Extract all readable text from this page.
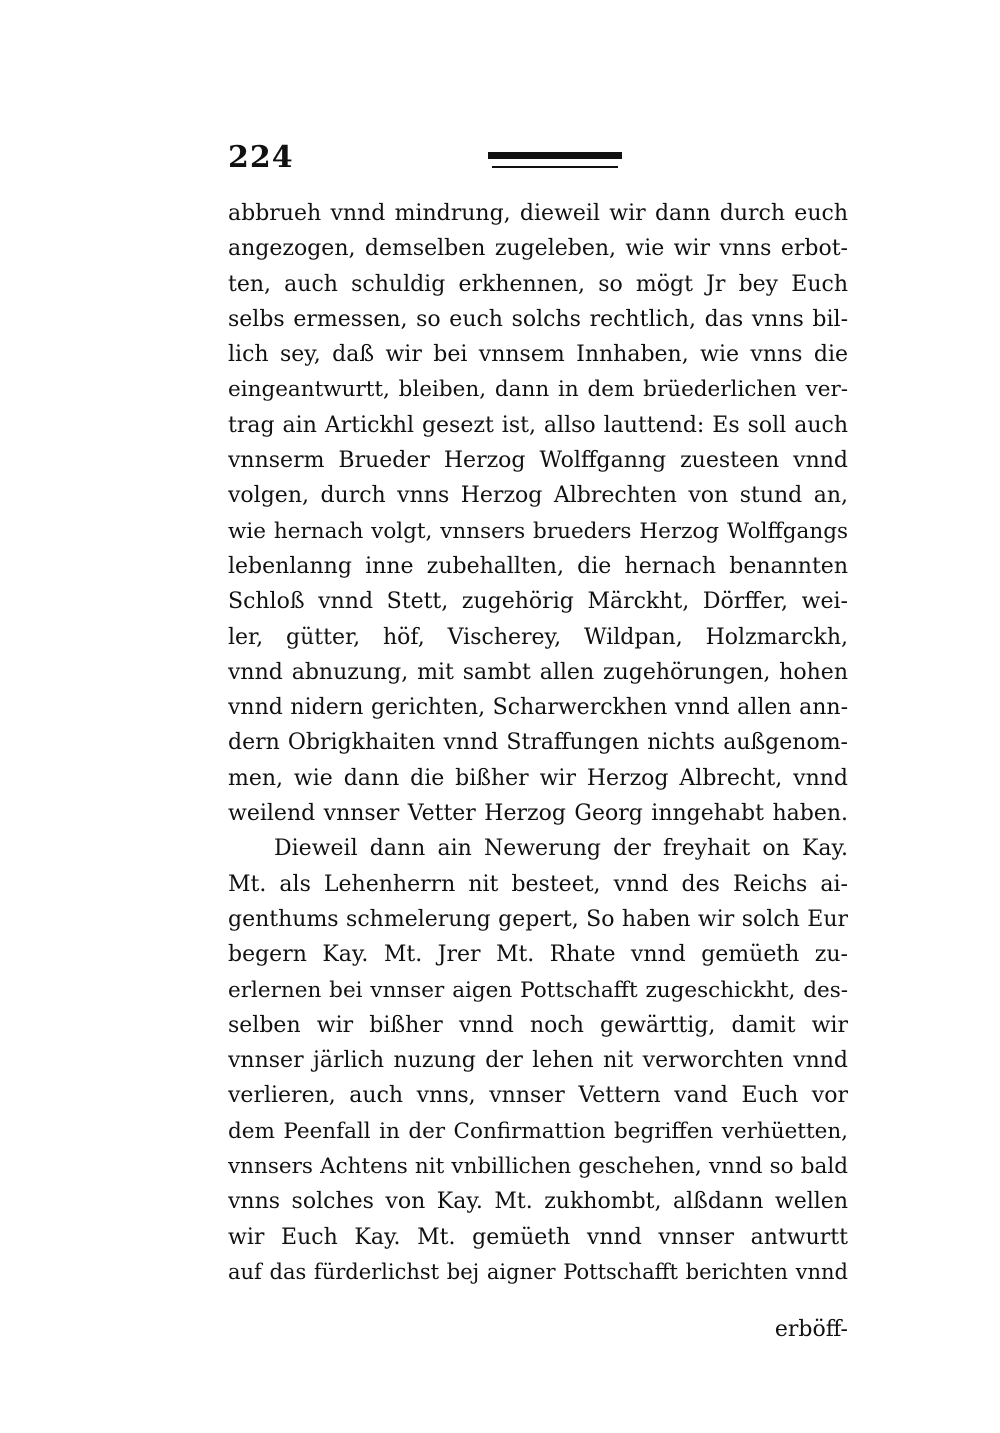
224
abbrueh vnnd mindrung, dieweil wir dann durch euch
angezogen, demselben zugeleben, wie wir vnns erbot-
ten, auch schuldig erkhennen, so mögt Jr bey Euch
selbs ermessen, so euch solchs rechtlich, das vnns bil-
lich sey, daß wir bei vnnsem Innhaben, wie vnns die
eingeantwurtt, bleiben, dann in dem brüederlichen ver-
trag ain Artickhl gesezt ist, allso lauttend: Es soll auch
vnnserm Brueder Herzog Wolffganng zuesteen vnnd
volgen, durch vnns Herzog Albrechten von stund an,
wie hernach volgt, vnnsers brueders Herzog Wolffgangs
lebenlanng inne zubehallten, die hernach benannten
Schloß vnnd Stett, zugehörig Märckht, Dörffer, wei-
ler, gütter, höf, Vischerey, Wildpan, Holzmarckh,
vnnd abnuzung, mit sambt allen zugehörungen, hohen
vnnd nidern gerichten, Scharwerckhen vnnd allen ann-
dern Obrigkhaiten vnnd Straffungen nichts außgenom-
men, wie dann die bißher wir Herzog Albrecht, vnnd
weilend vnnser Vetter Herzog Georg inngehabt haben.
Dieweil dann ain Newerung der freyhait on Kay.
Mt. als Lehenherrn nit besteet, vnnd des Reichs ai-
genthums schmelerung gepert, So haben wir solch Eur
begern Kay. Mt. Jrer Mt. Rhate vnnd gemüeth zu-
erlernen bei vnnser aigen Pottschafft zugeschickht, des-
selben wir bißher vnnd noch gewärttig, damit wir
vnnser järlich nuzung der lehen nit verworchten vnnd
verlieren, auch vnns, vnnser Vettern vand Euch vor
dem Peenfall in der Confirmattion begriffen verhüetten,
vnnsers Achtens nit vnbillichen geschehen, vnnd so bald
vnns solches von Kay. Mt. zukhombt, alßdann wellen
wir Euch Kay. Mt. gemüeth vnnd vnnser antwurtt
auf das fürderlichst bej aigner Pottschafft berichten vnnd
erböff-
